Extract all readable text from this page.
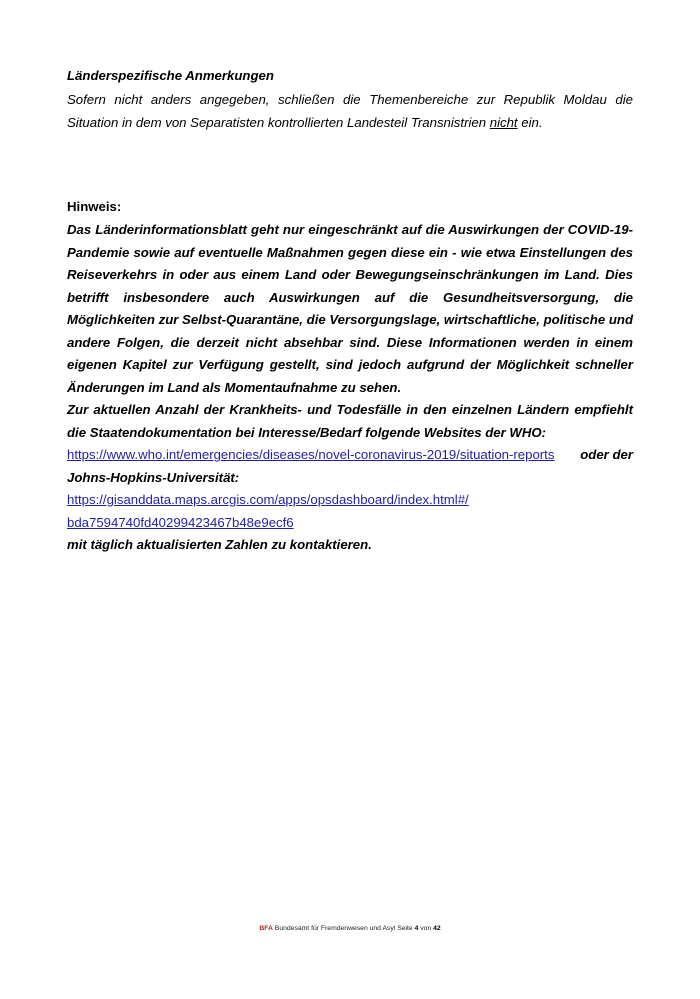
Länderspezifische Anmerkungen

Sofern nicht anders angegeben, schließen die Themenbereiche zur Republik Moldau die Situation in dem von Separatisten kontrollierten Landesteil Transnistrien nicht ein.

Hinweis:

Das Länderinformationsblatt geht nur eingeschränkt auf die Auswirkungen der COVID-19-Pandemie sowie auf eventuelle Maßnahmen gegen diese ein - wie etwa Einstellungen des Reiseverkehrs in oder aus einem Land oder Bewegungseinschränkungen im Land. Dies betrifft insbesondere auch Auswirkungen auf die Gesundheitsversorgung, die Möglichkeiten zur Selbst-Quarantäne, die Versorgungslage, wirtschaftliche, politische und andere Folgen, die derzeit nicht absehbar sind. Diese Informationen werden in einem eigenen Kapitel zur Verfügung gestellt, sind jedoch aufgrund der Möglichkeit schneller Änderungen im Land als Momentaufnahme zu sehen.

Zur aktuellen Anzahl der Krankheits- und Todesfälle in den einzelnen Ländern empfiehlt die Staatendokumentation bei Interesse/Bedarf folgende Websites der WHO:

https://www.who.int/emergencies/diseases/novel-coronavirus-2019/situation-reports oder der

Johns-Hopkins-Universität:

https://gisanddata.maps.arcgis.com/apps/opsdashboard/index.html#/

bda7594740fd40299423467b48e9ecf6

mit täglich aktualisierten Zahlen zu kontaktieren.

BFA Bundesamt für Fremdenwesen und Asyl Seite 4 von 42
